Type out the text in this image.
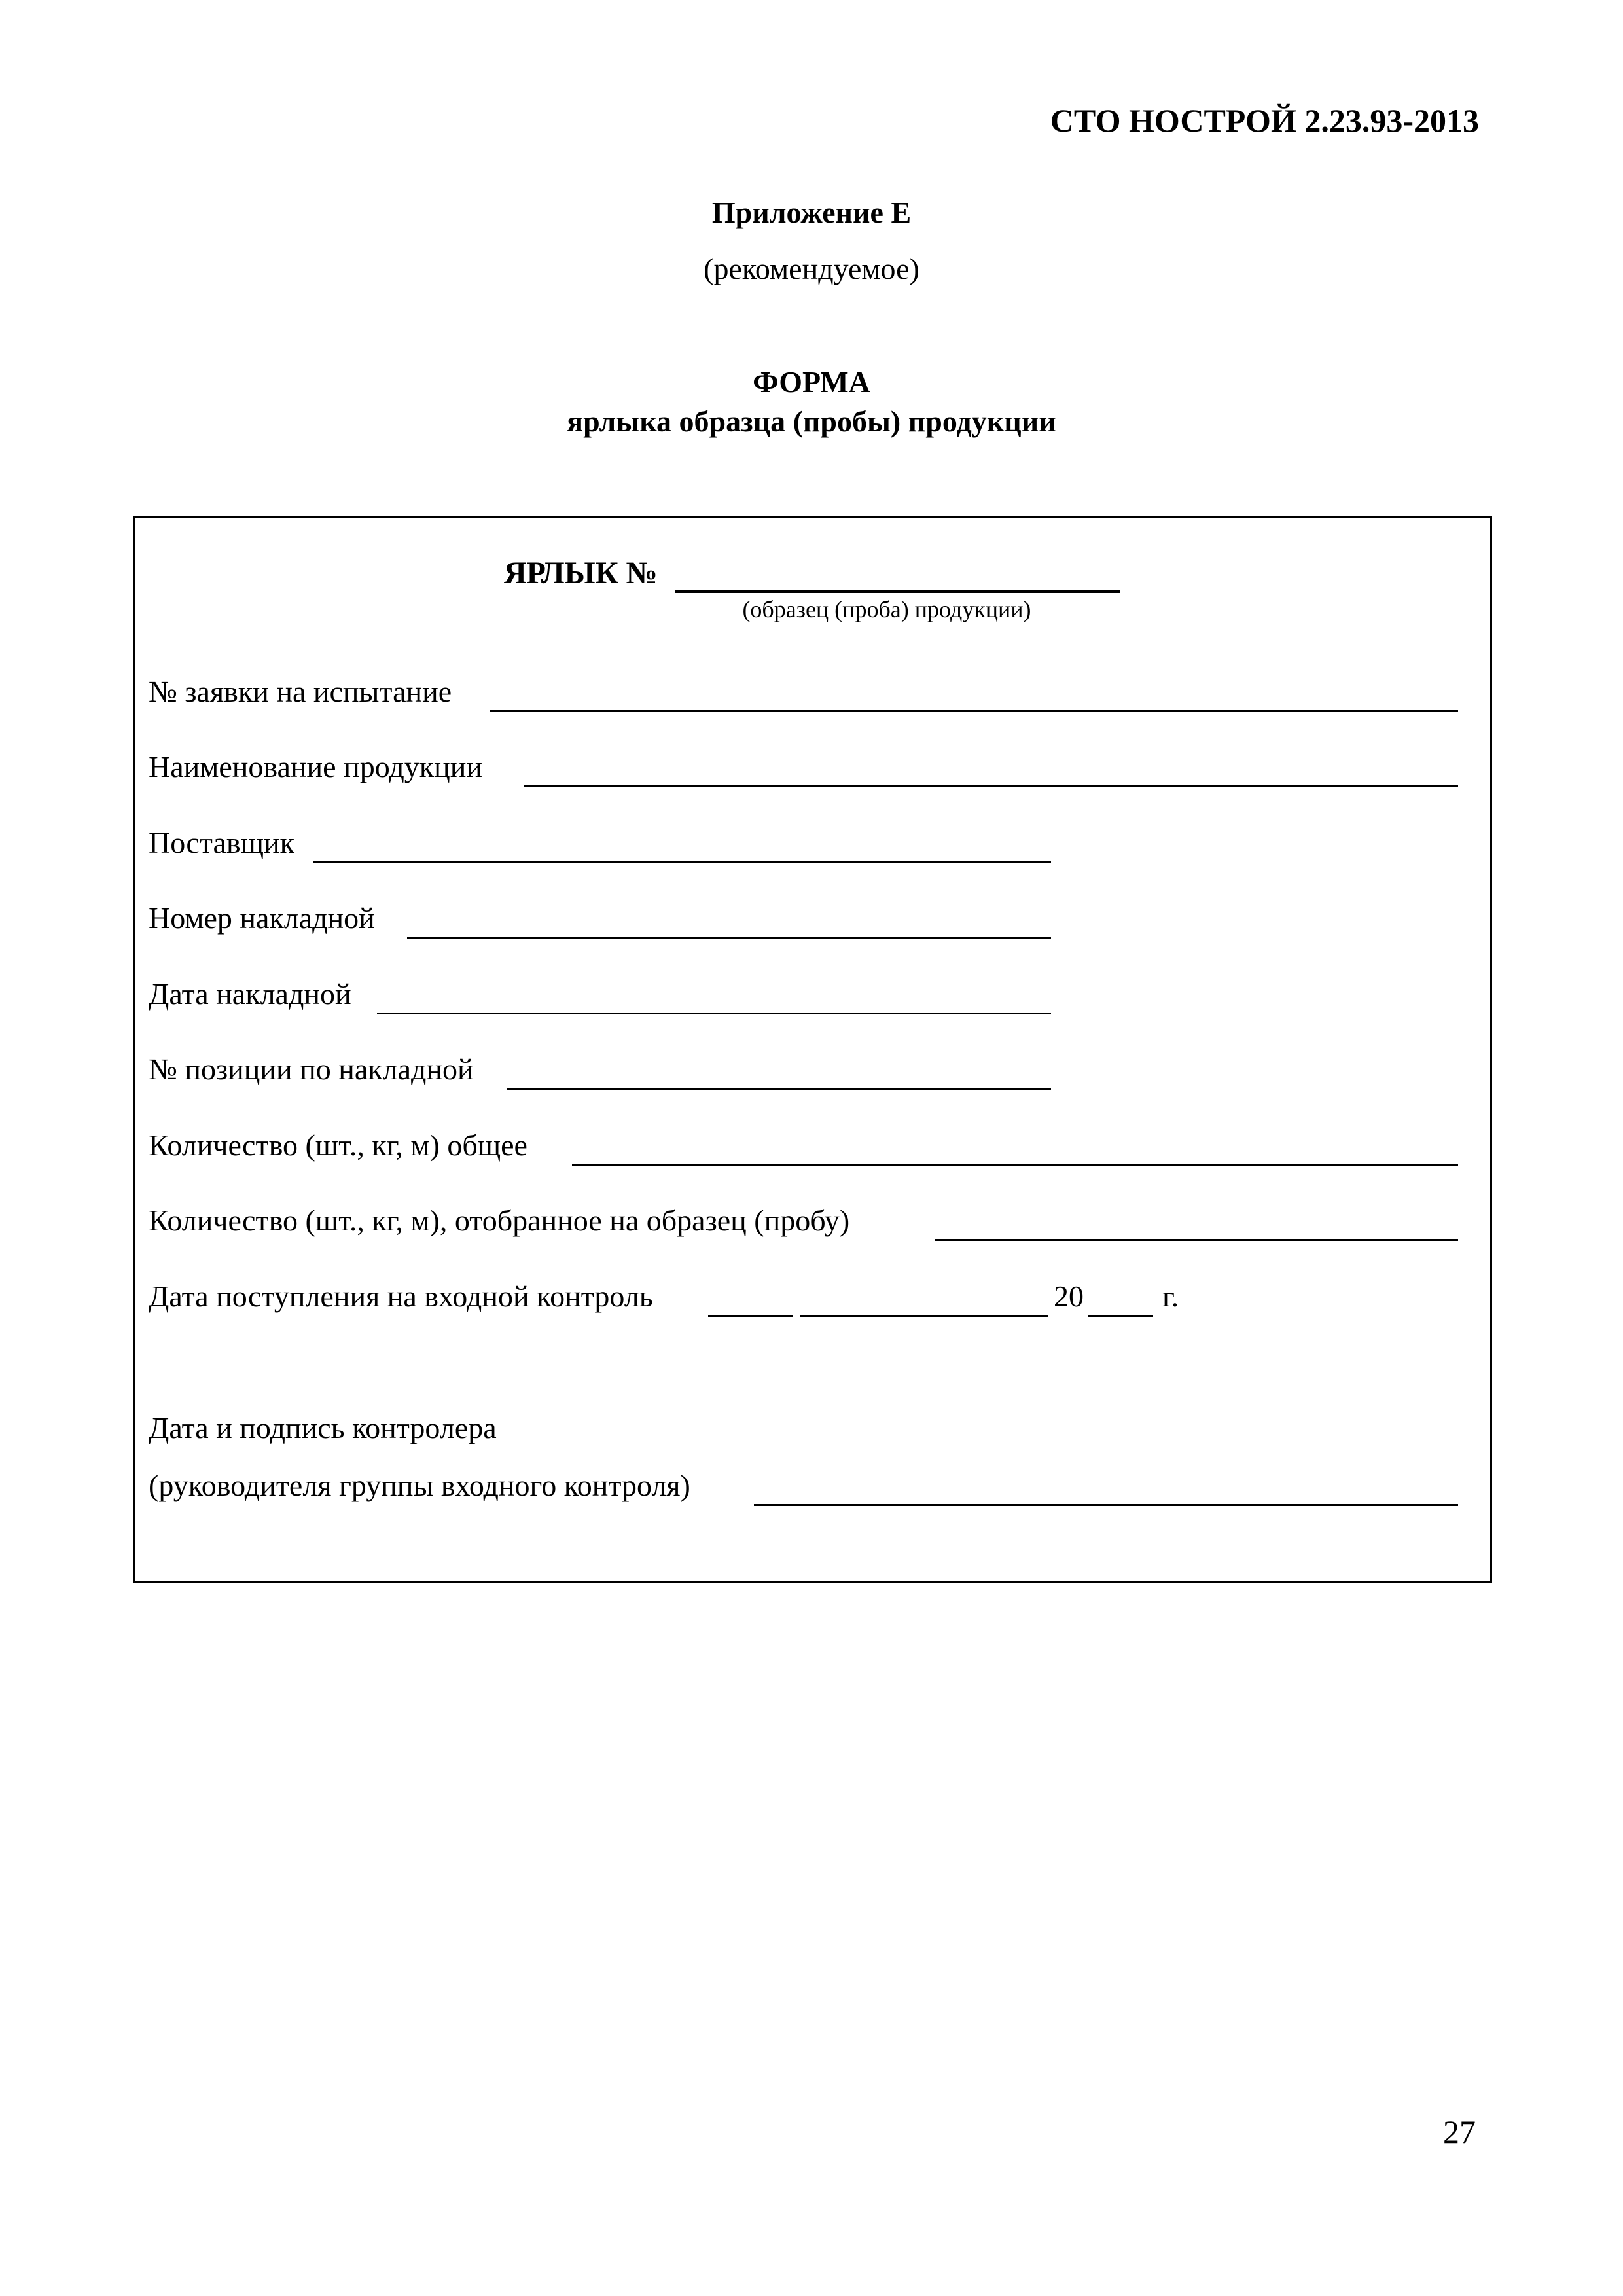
СТО НОСТРОЙ 2.23.93-2013
Приложение Е
(рекомендуемое)
ФОРМА
ярлыка образца (пробы) продукции
ЯРЛЫК №
(образец (проба) продукции)
№ заявки на испытание
Наименование продукции
Поставщик
Номер накладной
Дата накладной
№ позиции по накладной
Количество (шт., кг, м) общее
Количество (шт., кг, м), отобранное на образец (пробу)
Дата поступления на входной контроль	20	г.
Дата и подпись контролера
(руководителя группы входного контроля)
27
